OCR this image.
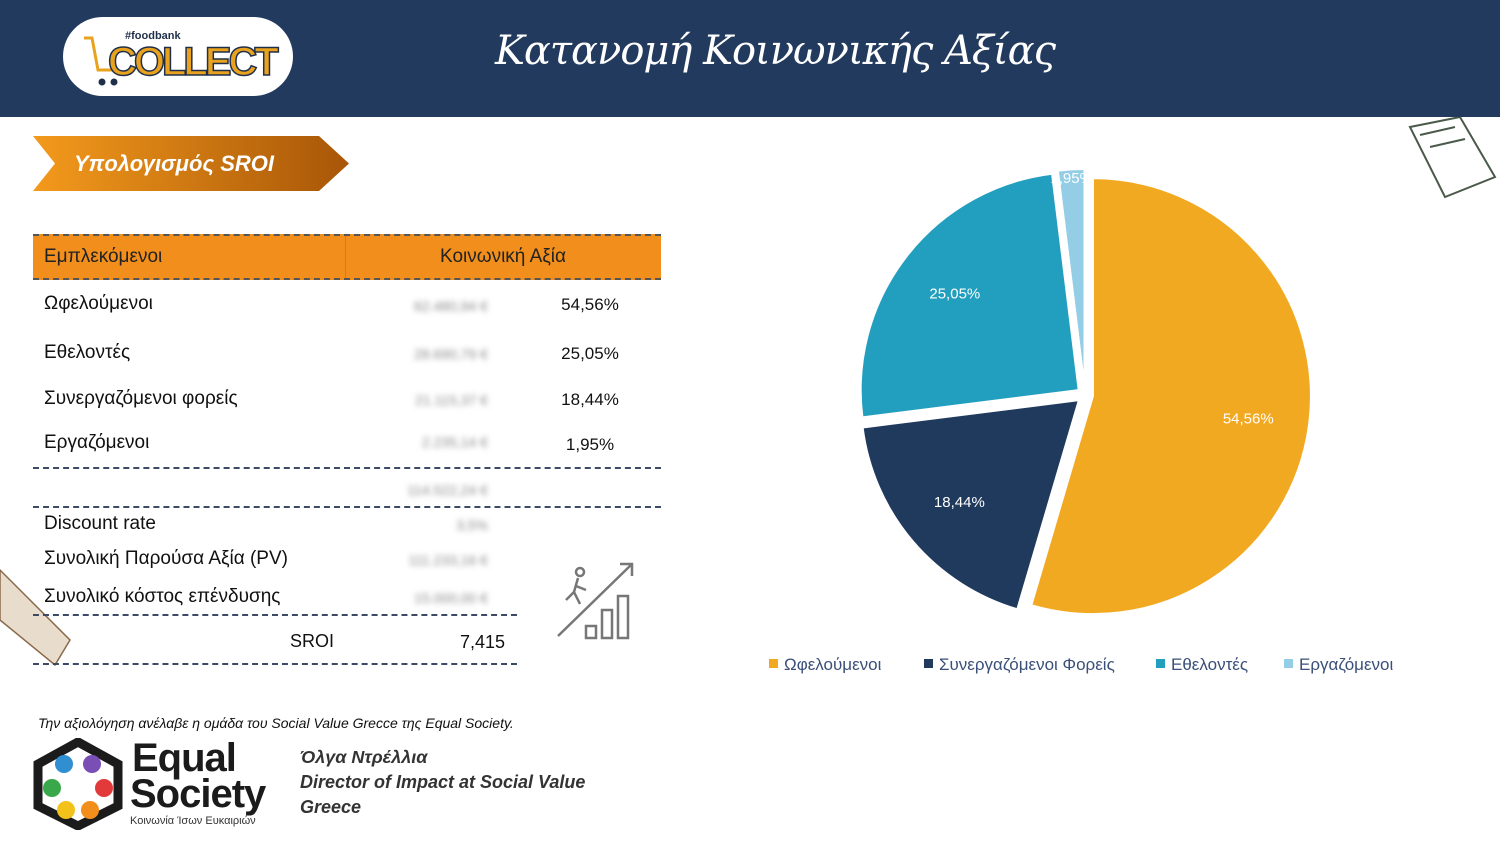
#foodbank
COLLECT	Κατανομή Κοινωνικής Αξίας
Υπολογισμός SROI
Εμπλεκόμενοι	Κοινωνική Αξία
Ωφελούμενοι	62.480,94 €	54,56%
Εθελοντές	28.690,79 €	25,05%
Συνεργαζόμενοι φορείς	21.115,37 €	18,44%
Εργαζόμενοι	2.235,14 €	1,95%
114.522,24 €
Discount rate	3,5%
Συνολική Παρούσα Αξία (PV)	111.233,16 €
Συνολικό κόστος επένδυσης	15.000,00 €
SROI	7,415
54,56%
18,44%
25,05%
1,95%
Ωφελούμενοι	Συνεργαζόμενοι Φορείς	Εθελοντές	Εργαζόμενοι
Την αξιολόγηση ανέλαβε η ομάδα του Social Value Grecce της Equal Society.
Equal
Society
Κοινωνία Ίσων Ευκαιριών
Όλγα Ντρέλλια
Director of Impact at Social Value
Greece
